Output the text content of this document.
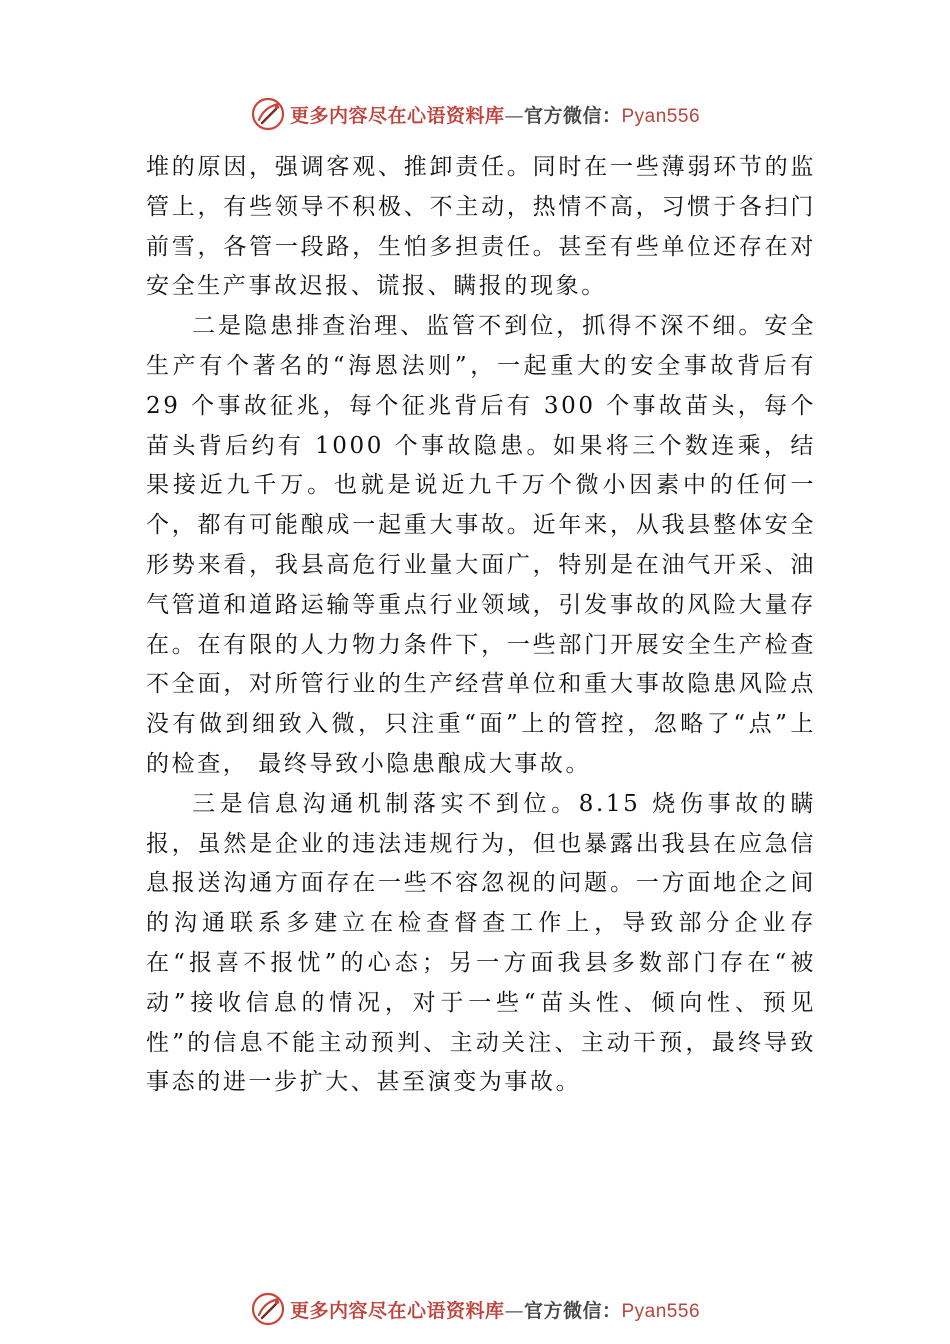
更多内容尽在心语资料库—官方微信：Pyan556

堆的原因，强调客观、推卸责任。同时在一些薄弱环节的监管上，有些领导不积极、不主动，热情不高，习惯于各扫门前雪，各管一段路，生怕多担责任。甚至有些单位还存在对安全生产事故迟报、谎报、瞒报的现象。

二是隐患排查治理、监管不到位，抓得不深不细。安全生产有个著名的“海恩法则”，一起重大的安全事故背后有 29 个事故征兆，每个征兆背后有 300 个事故苗头，每个苗头背后约有 1000 个事故隐患。如果将三个数连乘，结果接近九千万。也就是说近九千万个微小因素中的任何一个，都有可能酿成一起重大事故。近年来，从我县整体安全形势来看，我县高危行业量大面广，特别是在油气开采、油气管道和道路运输等重点行业领域，引发事故的风险大量存在。在有限的人力物力条件下，一些部门开展安全生产检查不全面，对所管行业的生产经营单位和重大事故隐患风险点没有做到细致入微，只注重“面”上的管控，忽略了“点”上的检查， 最终导致小隐患酿成大事故。

三是信息沟通机制落实不到位。8.15 烧伤事故的瞒报，虽然是企业的违法违规行为，但也暴露出我县在应急信息报送沟通方面存在一些不容忽视的问题。一方面地企之间的沟通联系多建立在检查督查工作上，导致部分企业存在“报喜不报忧”的心态；另一方面我县多数部门存在“被动”接收信息的情况，对于一些“苗头性、倾向性、预见性”的信息不能主动预判、主动关注、主动干预，最终导致事态的进一步扩大、甚至演变为事故。

更多内容尽在心语资料库—官方微信：Pyan556
